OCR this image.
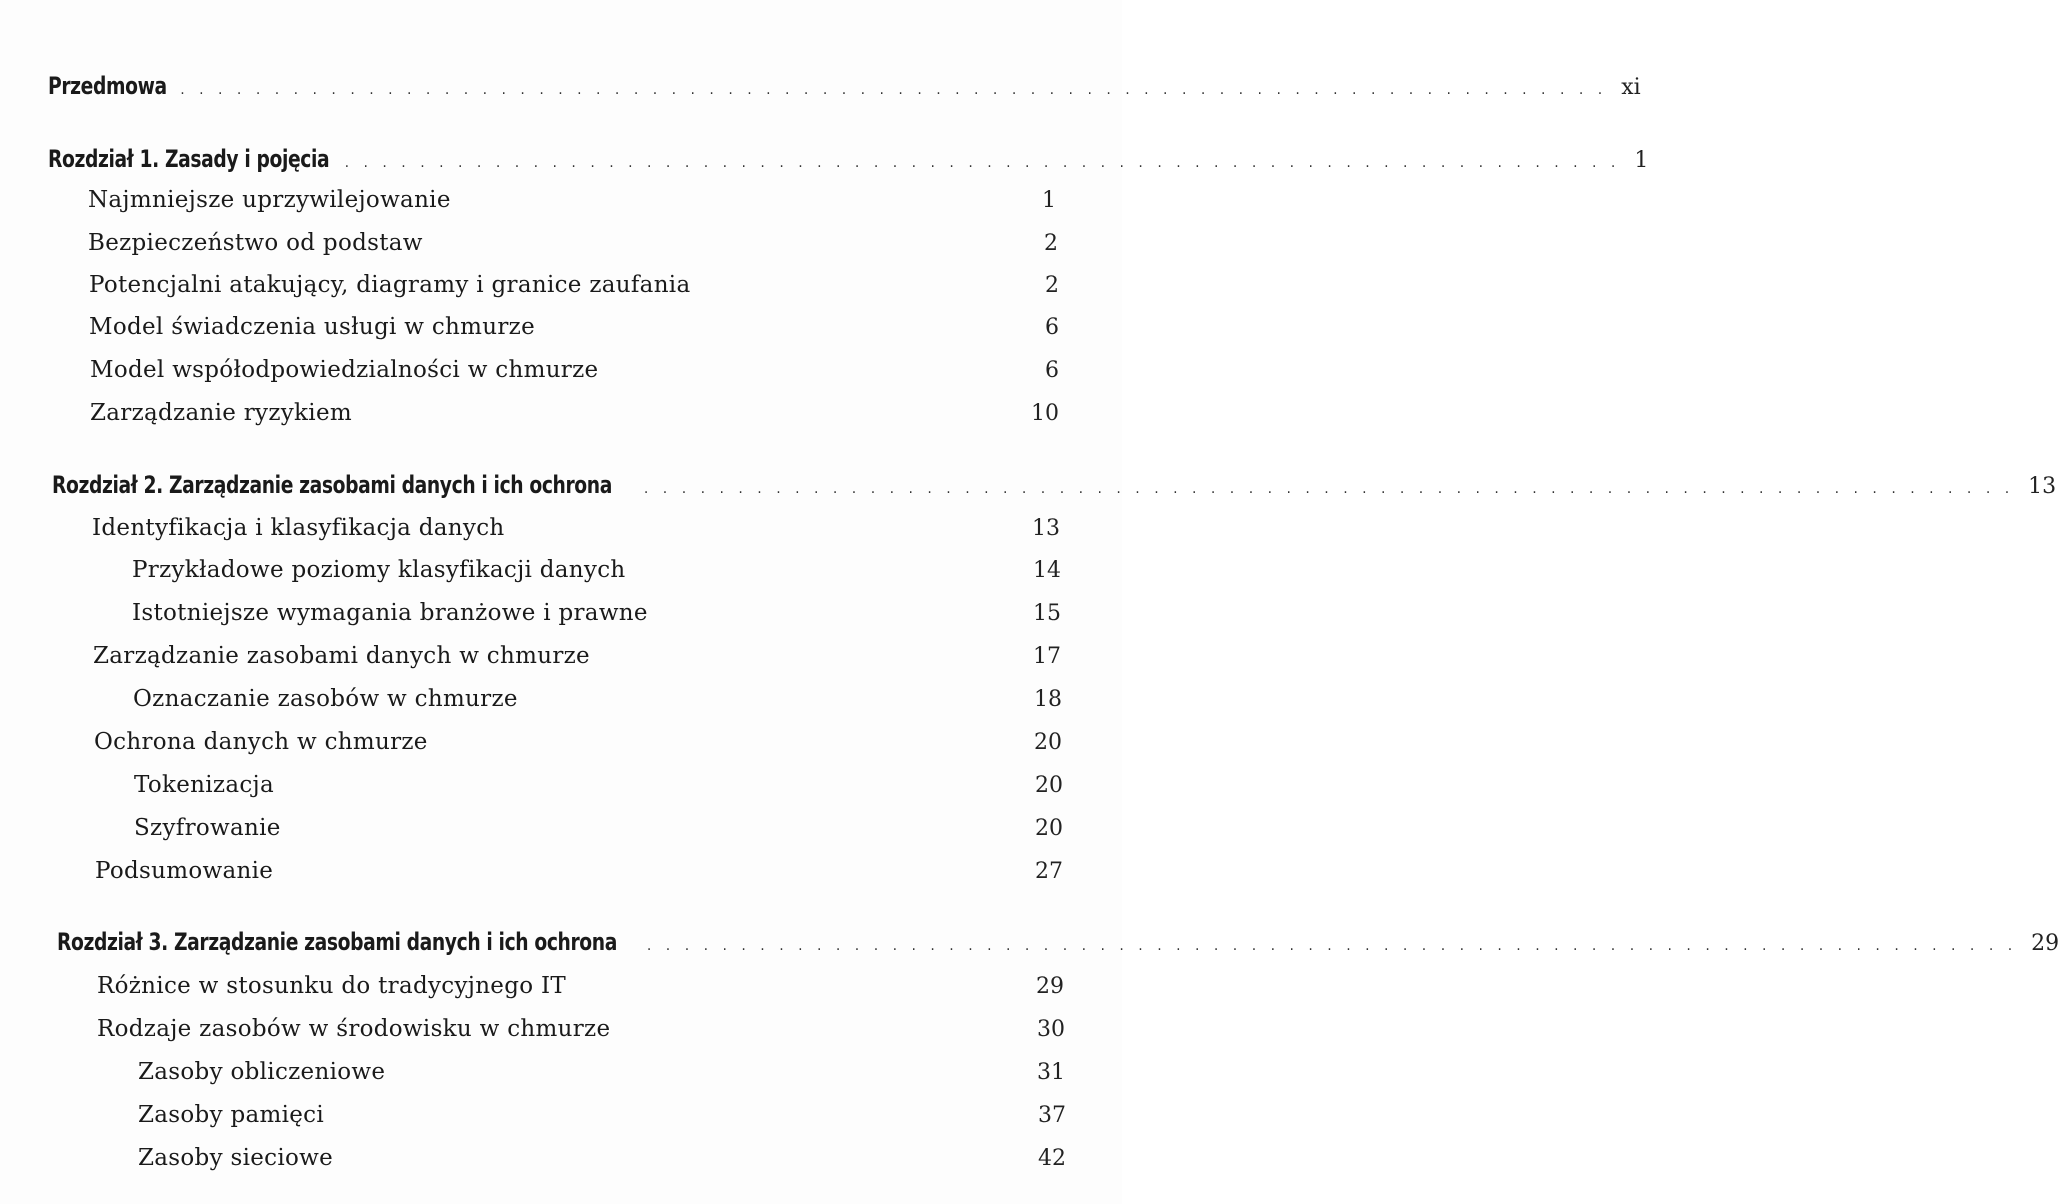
Przedmowa . . . . . . . . . . . . . . . . . . . . . . . . . . . . . . . . . . . . . . . . . . . . . . . . . . . . . . . . . . . . . . . . . . . . . . . . . . . . xi
Rozdział 1. Zasady i pojęcia . . . . . . . . . . . . . . . . . . . . . . . . . . . . . . . . . . . . . . . . . . . . . . . . . . . . . . . . . . . . . . . . . . . . 1
Najmniejsze uprzywilejowanie	1
Bezpieczeństwo od podstaw	2
Potencjalni atakujący, diagramy i granice zaufania	2
Model świadczenia usługi w chmurze	6
Model współodpowiedzialności w chmurze	6
Zarządzanie ryzykiem	10
Rozdział 2. Zarządzanie zasobami danych i ich ochrona . . . . . . . . . . . . . . . . . . . . . . . . . . . . . . . . . . . . . . . . . . . . . . . . . . . . . . . . . . . . . . . . . . . . . . . . . 13
Identyfikacja i klasyfikacja danych	13
Przykładowe poziomy klasyfikacji danych	14
Istotniejsze wymagania branżowe i prawne	15
Zarządzanie zasobami danych w chmurze	17
Oznaczanie zasobów w chmurze	18
Ochrona danych w chmurze	20
Tokenizacja	20
Szyfrowanie	20
Podsumowanie	27
Rozdział 3. Zarządzanie zasobami danych i ich ochrona . . . . . . . . . . . . . . . . . . . . . . . . . . . . . . . . . . . . . . . . . . . . . . . . . . . . . . . . . . . . . . . . . . . . . . . . . 29
Różnice w stosunku do tradycyjnego IT	29
Rodzaje zasobów w środowisku w chmurze	30
Zasoby obliczeniowe	31
Zasoby pamięci	37
Zasoby sieciowe	42
